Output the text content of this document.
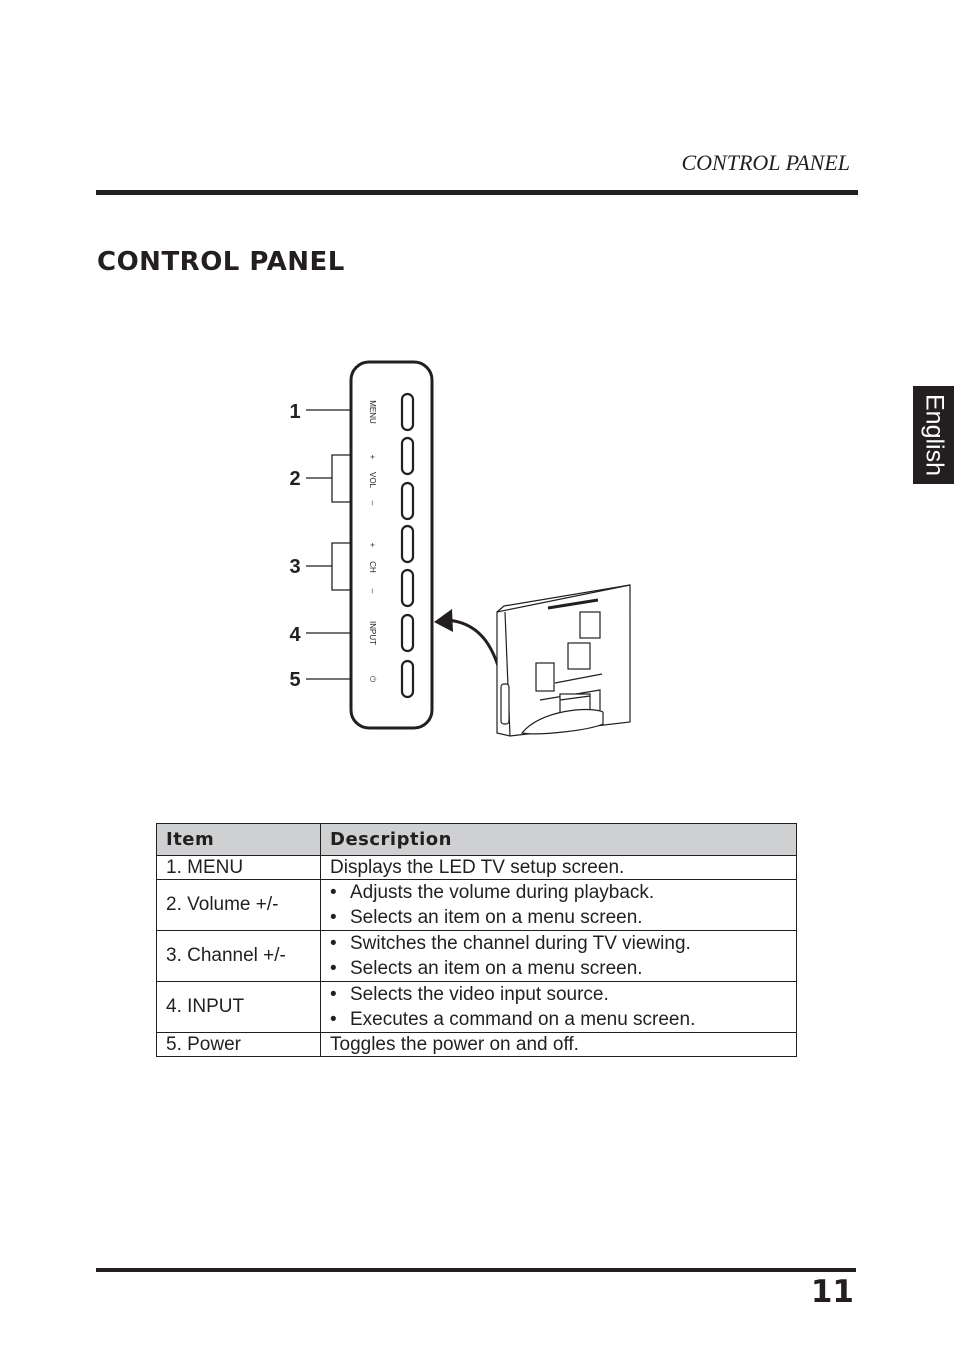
CONTROL PANEL
CONTROL PANEL
English
1
2
3
4
5
MENU
+
VOL
–
+
CH
–
INPUT
⏻
Item	Description
1. MENU	Displays the LED TV setup screen.
2. Volume +/-	• Adjusts the volume during playback.
• Selects an item on a menu screen.

3. Channel +/-	• Switches the channel during TV viewing.
• Selects an item on a menu screen.

4. INPUT	• Selects the video input source.
• Executes a command on a menu screen.

5. Power	Toggles the power on and off.
11
